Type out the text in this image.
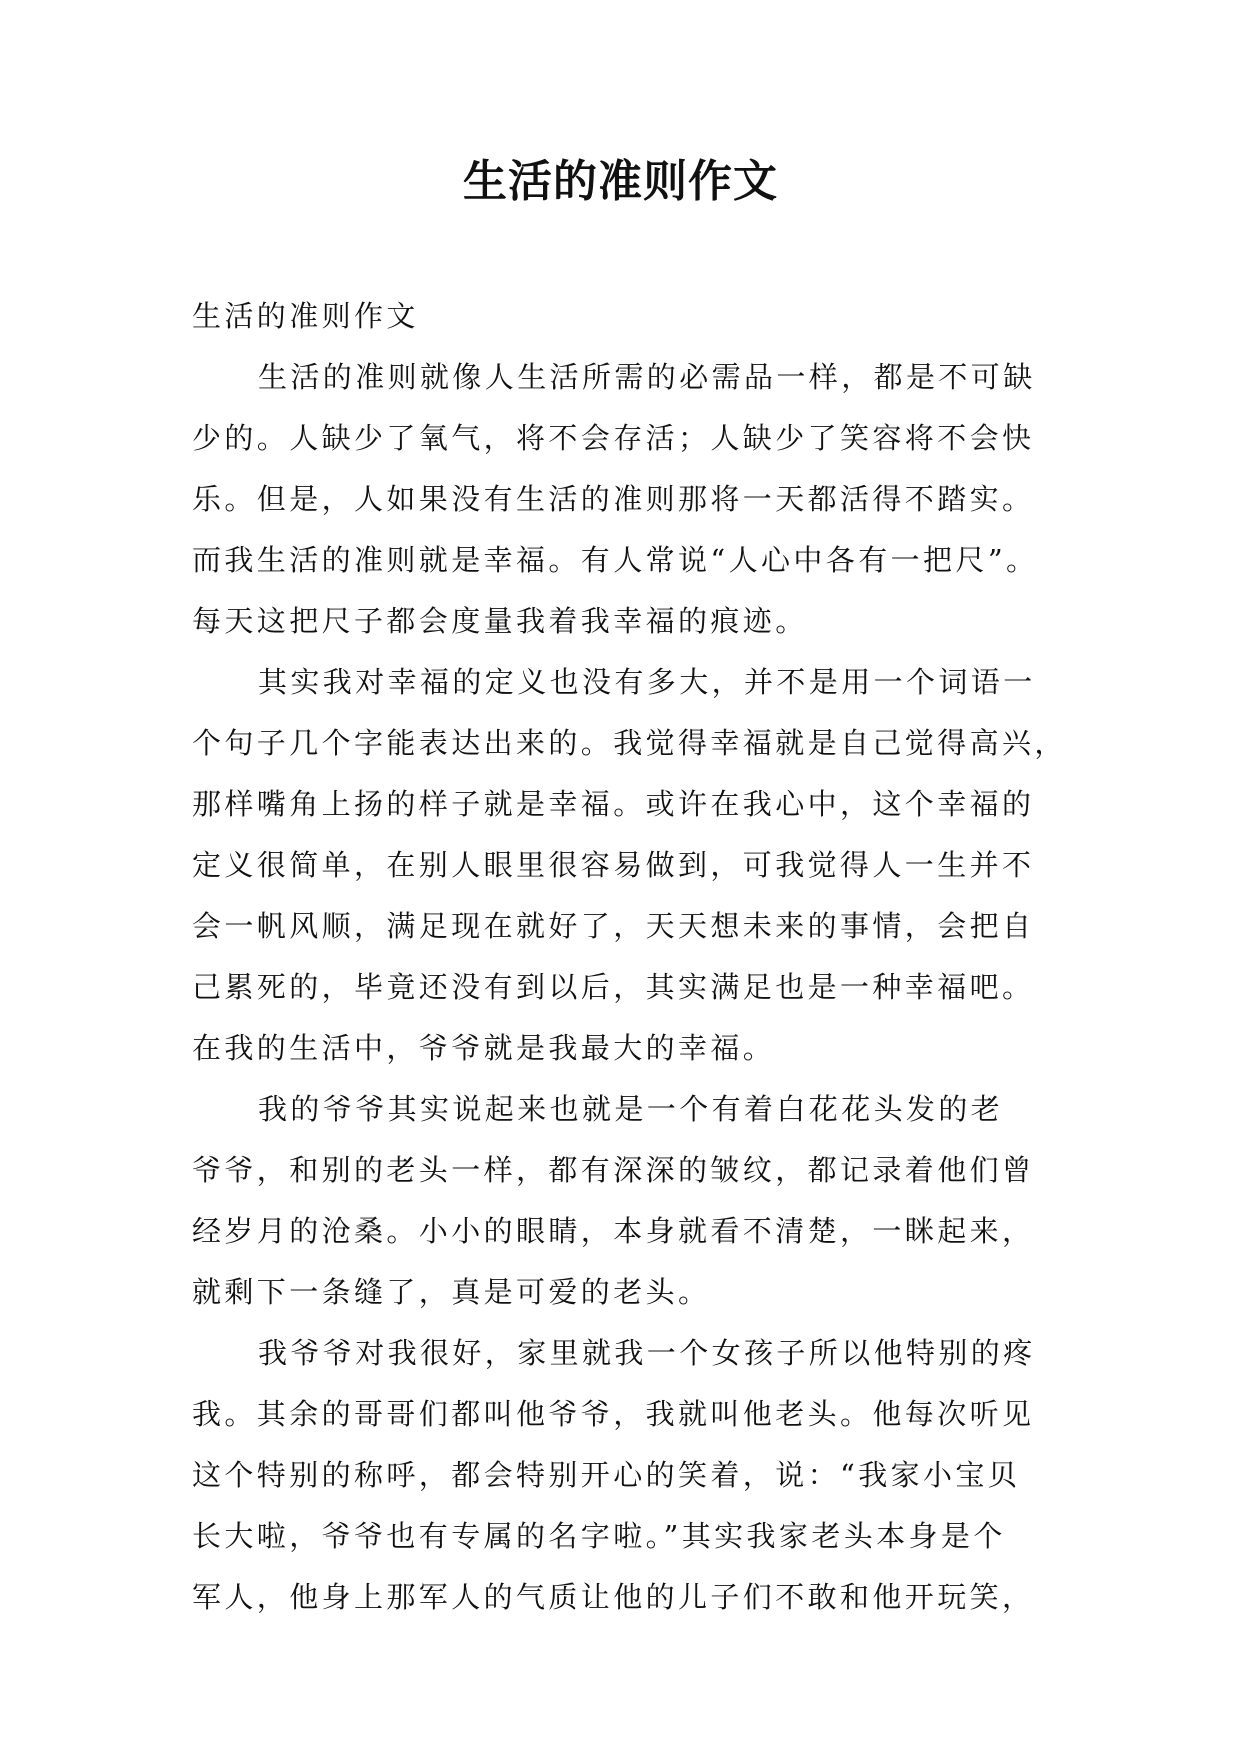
生活的准则作文
生活的准则作文
生活的准则就像人生活所需的必需品一样，都是不可缺
少的。人缺少了氧气，将不会存活；人缺少了笑容将不会快
乐。但是，人如果没有生活的准则那将一天都活得不踏实。
而我生活的准则就是幸福。有人常说“人心中各有一把尺”。
每天这把尺子都会度量我着我幸福的痕迹。
其实我对幸福的定义也没有多大，并不是用一个词语一
个句子几个字能表达出来的。我觉得幸福就是自己觉得高兴，
那样嘴角上扬的样子就是幸福。或许在我心中，这个幸福的
定义很简单，在别人眼里很容易做到，可我觉得人一生并不
会一帆风顺，满足现在就好了，天天想未来的事情，会把自
己累死的，毕竟还没有到以后，其实满足也是一种幸福吧。
在我的生活中，爷爷就是我最大的幸福。
我的爷爷其实说起来也就是一个有着白花花头发的老
爷爷，和别的老头一样，都有深深的皱纹，都记录着他们曾
经岁月的沧桑。小小的眼睛，本身就看不清楚，一眯起来，
就剩下一条缝了，真是可爱的老头。
我爷爷对我很好，家里就我一个女孩子所以他特别的疼
我。其余的哥哥们都叫他爷爷，我就叫他老头。他每次听见
这个特别的称呼，都会特别开心的笑着，说：“我家小宝贝
长大啦，爷爷也有专属的名字啦。”其实我家老头本身是个
军人，他身上那军人的气质让他的儿子们不敢和他开玩笑，
